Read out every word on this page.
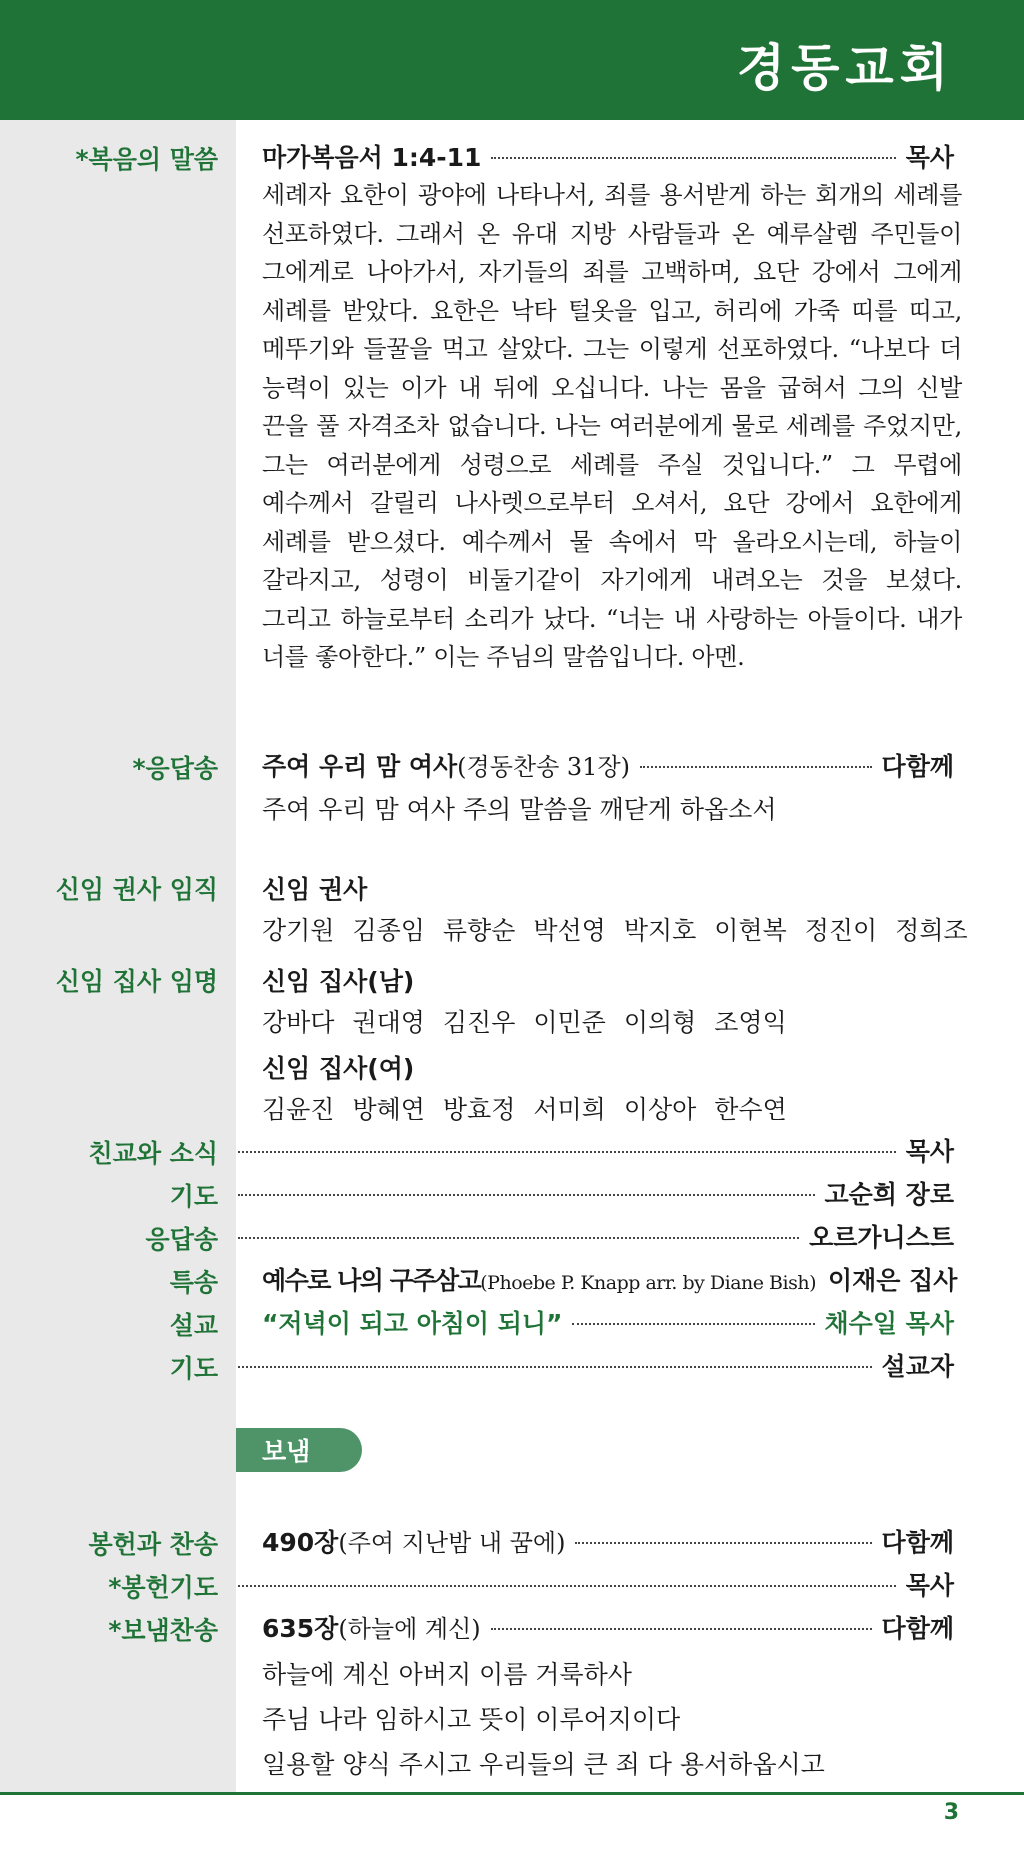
경동교회
*복음의 말씀 마가복음서 1:4-11	목사
세례자 요한이 광야에 나타나서, 죄를 용서받게 하는 회개의 세례를 선포하였다. 그래서 온 유대 지방 사람들과 온 예루살렘 주민들이 그에게로 나아가서, 자기들의 죄를 고백하며, 요단 강에서 그에게 세례를 받았다. 요한은 낙타 털옷을 입고, 허리에 가죽 띠를 띠고, 메뚜기와 들꿀을 먹고 살았다. 그는 이렇게 선포하였다. “나보다 더 능력이 있는 이가 내 뒤에 오십니다. 나는 몸을 굽혀서 그의 신발 끈을 풀 자격조차 없습니다. 나는 여러분에게 물로 세례를 주었지만, 그는 여러분에게 성령으로 세례를 주실 것입니다.” 그 무렵에 예수께서 갈릴리 나사렛으로부터 오셔서, 요단 강에서 요한에게 세례를 받으셨다. 예수께서 물 속에서 막 올라오시는데, 하늘이 갈라지고, 성령이 비둘기같이 자기에게 내려오는 것을 보셨다. 그리고 하늘로부터 소리가 났다. “너는 내 사랑하는 아들이다. 내가 너를 좋아한다.” 이는 주님의 말씀입니다. 아멘.
*응답송 주여 우리 맘 여사 (경동찬송 31장)	다함께
주여 우리 맘 여사 주의 말씀을 깨닫게 하옵소서
신임 권사 임직 신임 권사
강기원 김종임 류향순 박선영 박지호 이현복 정진이 정희조
신임 집사 임명 신임 집사(남)
강바다 권대영 김진우 이민준 이의형 조영익
신임 집사(여)
김윤진 방혜연 방효정 서미희 이상아 한수연
친교와 소식	목사
기도	고순희 장로
응답송	오르가니스트
특송 예수로 나의 구주삼고 (Phoebe P. Knapp arr. by Diane Bish) 이재은 집사
설교 “저녁이 되고 아침이 되니”	채수일 목사
기도	설교자
보냄
봉헌과 찬송 490장 (주여 지난밤 내 꿈에)	다함께
*봉헌기도	목사
*보냄찬송 635장 (하늘에 계신)	다함께
하늘에 계신 아버지 이름 거룩하사
주님 나라 임하시고 뜻이 이루어지이다
일용할 양식 주시고 우리들의 큰 죄 다 용서하옵시고
3
